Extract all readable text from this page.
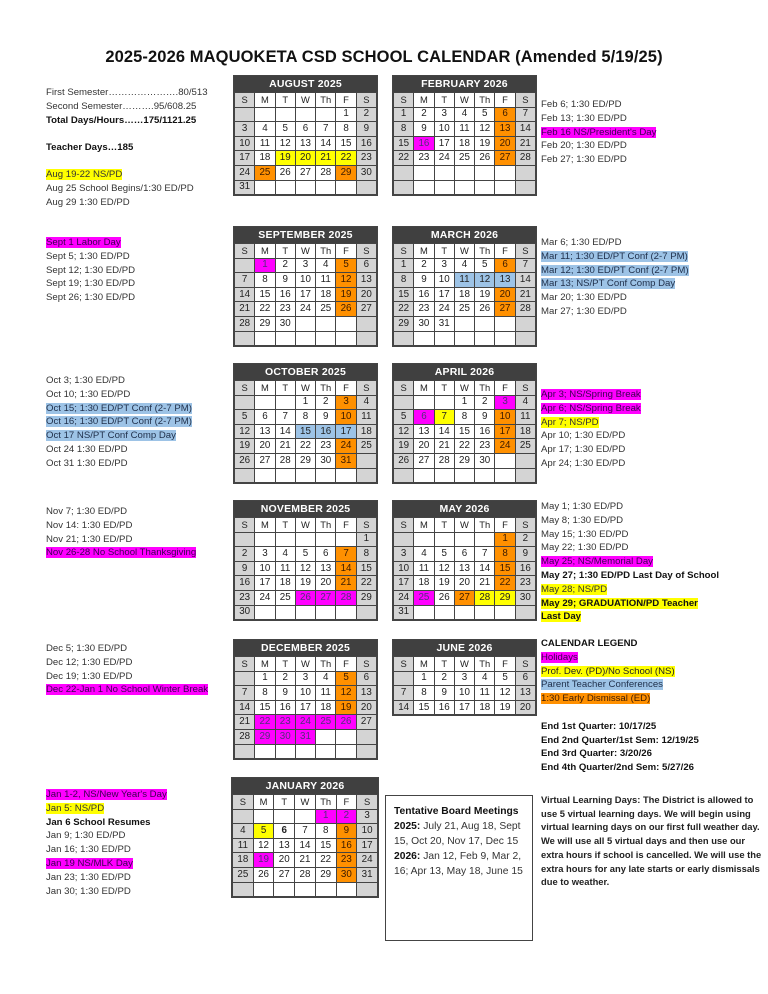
2025-2026 MAQUOKETA CSD SCHOOL CALENDAR (Amended 5/19/25)
First Semester………………….80/513
Second Semester……….95/608.25
Total Days/Hours……175/1121.25
Teacher Days…185
Aug 19-22 NS/PD
Aug 25 School Begins/1:30 ED/PD
Aug 29 1:30 ED/PD
Sept 1 Labor Day
Sept 5; 1:30 ED/PD
Sept 12; 1:30 ED/PD
Sept 19; 1:30 ED/PD
Sept 26; 1:30 ED/PD
Oct 3; 1:30 ED/PD
Oct 10; 1:30 ED/PD
Oct 15; 1:30 ED/PT Conf (2-7 PM)
Oct 16; 1:30 ED/PT Conf (2-7 PM)
Oct 17 NS/PT Conf Comp Day
Oct 24 1:30 ED/PD
Oct 31 1:30 ED/PD
Nov 7; 1:30 ED/PD
Nov 14: 1:30 ED/PD
Nov 21; 1:30 ED/PD
Nov 26-28 No School Thanksgiving
Dec 5; 1:30 ED/PD
Dec 12; 1:30 ED/PD
Dec 19; 1:30 ED/PD
Dec 22-Jan 1 No School Winter Break
Jan 1-2, NS/New Year's Day
Jan 5: NS/PD
Jan 6 School Resumes
Jan 9; 1:30 ED/PD
Jan 16; 1:30 ED/PD
Jan 19 NS/MLK Day
Jan 23; 1:30 ED/PD
Jan 30; 1:30 ED/PD
Feb 6; 1:30 ED/PD
Feb 13; 1:30 ED/PD
Feb 16 NS/President's Day
Feb 20; 1:30 ED/PD
Feb 27; 1:30 ED/PD
Mar 6; 1:30 ED/PD
Mar 11; 1:30 ED/PT Conf (2-7 PM)
Mar 12; 1:30 ED/PT Conf (2-7 PM)
Mar 13; NS/PT Conf Comp Day
Mar 20; 1:30 ED/PD
Mar 27; 1:30 ED/PD
Apr 3; NS/Spring Break
Apr 6; NS/Spring Break
Apr 7; NS/PD
Apr 10; 1:30 ED/PD
Apr 17; 1:30 ED/PD
Apr 24; 1:30 ED/PD
May 1; 1:30 ED/PD
May 8; 1:30 ED/PD
May 15; 1:30 ED/PD
May 22; 1:30 ED/PD
May 25; NS/Memorial Day
May 27; 1:30 ED/PD Last Day of School
May 28; NS/PD
May 29; GRADUATION/PD Teacher
Last Day
AUGUST 2025
S	M	T	W	Th	F	S
					1	2
3	4	5	6	7	8	9
10	11	12	13	14	15	16
17	18	19	20	21	22	23
24	25	26	27	28	29	30
31						
FEBRUARY 2026
S	M	T	W	Th	F	S
1	2	3	4	5	6	7
8	9	10	11	12	13	14
15	16	17	18	19	20	21
22	23	24	25	26	27	28

SEPTEMBER 2025
S	M	T	W	Th	F	S
	1	2	3	4	5	6
7	8	9	10	11	12	13
14	15	16	17	18	19	20
21	22	23	24	25	26	27
28	29	30				

MARCH 2026
S	M	T	W	Th	F	S
1	2	3	4	5	6	7
8	9	10	11	12	13	14
15	16	17	18	19	20	21
22	23	24	25	26	27	28
29	30	31				

OCTOBER 2025
S	M	T	W	Th	F	S
			1	2	3	4
5	6	7	8	9	10	11
12	13	14	15	16	17	18
19	20	21	22	23	24	25
26	27	28	29	30	31	

APRIL 2026
S	M	T	W	Th	F	S
			1	2	3	4
5	6	7	8	9	10	11
12	13	14	15	16	17	18
19	20	21	22	23	24	25
26	27	28	29	30		

NOVEMBER 2025
S	M	T	W	Th	F	S
						1
2	3	4	5	6	7	8
9	10	11	12	13	14	15
16	17	18	19	20	21	22
23	24	25	26	27	28	29
30						
MAY 2026
S	M	T	W	Th	F	S
					1	2
3	4	5	6	7	8	9
10	11	12	13	14	15	16
17	18	19	20	21	22	23
24	25	26	27	28	29	30
31						
DECEMBER 2025
S	M	T	W	Th	F	S
	1	2	3	4	5	6
7	8	9	10	11	12	13
14	15	16	17	18	19	20
21	22	23	24	25	26	27
28	29	30	31			

JUNE 2026
S	M	T	W	Th	F	S
	1	2	3	4	5	6
7	8	9	10	11	12	13
14	15	16	17	18	19	20
JANUARY 2026
S	M	T	W	Th	F	S
				1	2	3
4	5	6	7	8	9	10
11	12	13	14	15	16	17
18	19	20	21	22	23	24
25	26	27	28	29	30	31

CALENDAR LEGEND
Holidays
Prof. Dev. (PD)/No School (NS)
Parent Teacher Conferences
1:30 Early Dismissal (ED)
End 1st Quarter: 10/17/25
End 2nd Quarter/1st Sem: 12/19/25
End 3rd Quarter: 3/20/26
End 4th Quarter/2nd Sem: 5/27/26
Tentative Board Meetings
2025: July 21, Aug 18, Sept 15, Oct 20, Nov 17, Dec 15
2026: Jan 12, Feb 9, Mar 2, 16; Apr 13, May 18, June 15
Virtual Learning Days: The District is allowed to use 5 virtual learning days. We will begin using virtual learning days on our first full weather day. We will use all 5 virtual days and then use our extra hours if school is cancelled. We will use the extra hours for any late starts or early dismissals due to weather.
